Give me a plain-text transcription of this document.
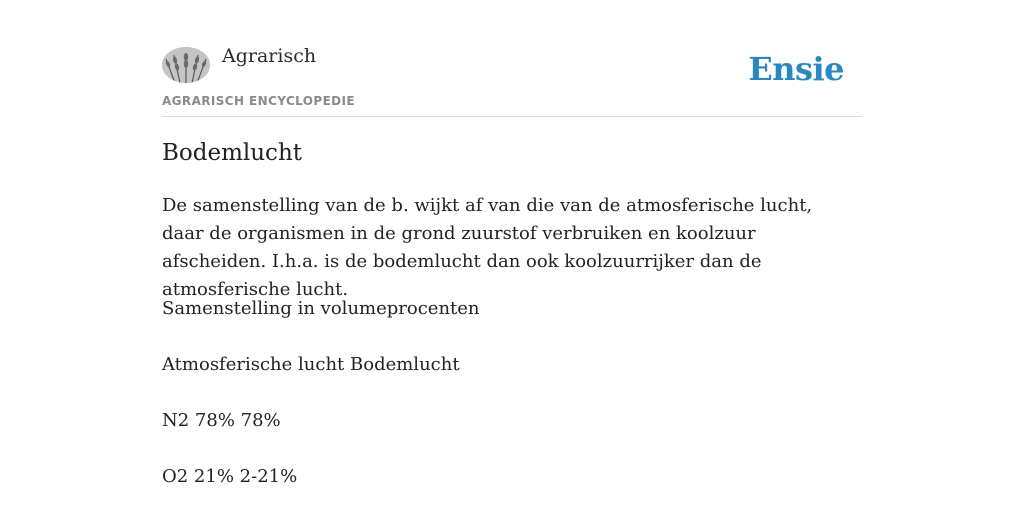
Agrarisch
AGRARISCH ENCYCLOPEDIE
Ensie
Bodemlucht

De samenstelling van de b. wijkt af van die van de atmosferische lucht, daar de organismen in de grond zuurstof verbruiken en koolzuur afscheiden. I.h.a. is de bodemlucht dan ook koolzuurrijker dan de atmosferische lucht.

Samenstelling in volumeprocenten

Atmosferische lucht Bodemlucht

N2 78% 78%

O2 21% 2-21%
